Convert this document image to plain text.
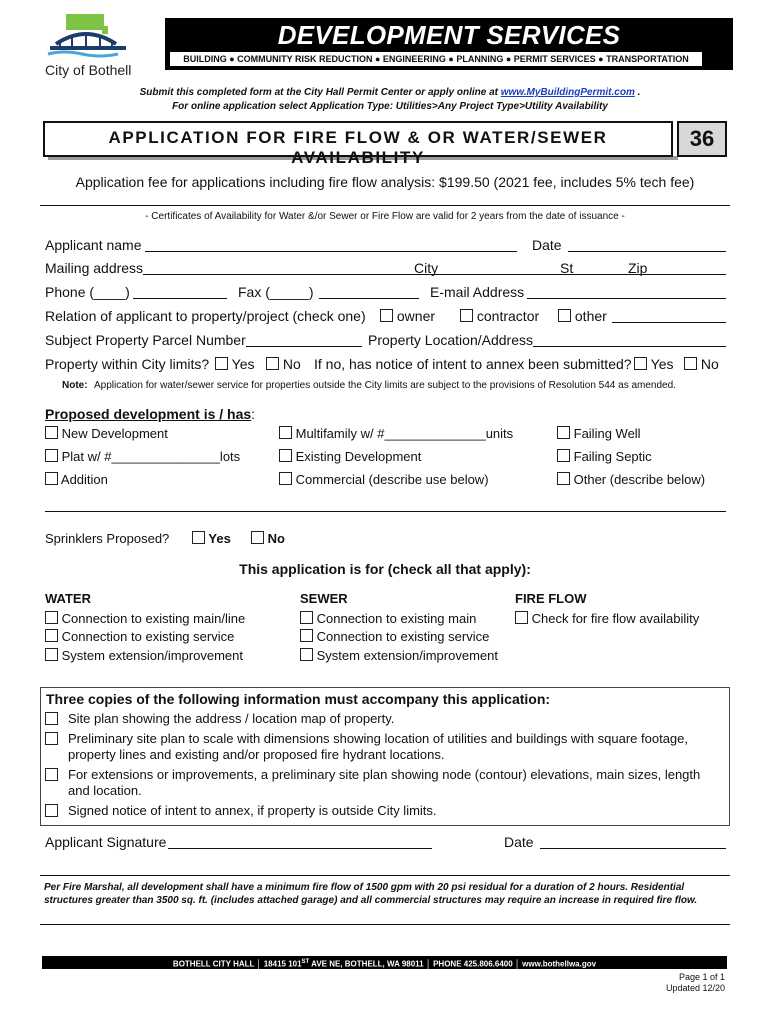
City of Bothell
DEVELOPMENT SERVICES
BUILDING ● COMMUNITY RISK REDUCTION ● ENGINEERING ● PLANNING ● PERMIT SERVICES ● TRANSPORTATION
Submit this completed form at the City Hall Permit Center or apply online at www.MyBuildingPermit.com .
For online application select Application Type: Utilities>Any Project Type>Utility Availability
APPLICATION FOR FIRE FLOW & OR WATER/SEWER AVAILABILITY
36
Application fee for applications including fire flow analysis: $199.50 (2021 fee, includes 5% tech fee)
- Certificates of Availability for Water &/or Sewer or Fire Flow are valid for 2 years from the date of issuance -
Applicant name	Date
Mailing address	City	St	Zip
Phone (____)	Fax (_____)	E-mail Address
Relation of applicant to property/project (check one)	owner	contractor	other
Subject Property Parcel Number	Property Location/Address
Property within City limits?	Yes	No If no, has notice of intent to annex been submitted?	Yes	No
Note: Application for water/sewer service for properties outside the City limits are subject to the provisions of Resolution 544 as amended.
Proposed development is / has:
New Development	Multifamily w/ #______________units	Failing Well
Plat w/ #_______________lots	Existing Development	Failing Septic
Addition	Commercial (describe use below)	Other (describe below)
Sprinklers Proposed?	Yes	No
This application is for (check all that apply):
WATER
Connection to existing main/line
Connection to existing service
System extension/improvement
SEWER
Connection to existing main
Connection to existing service
System extension/improvement
FIRE FLOW
Check for fire flow availability
Three copies of the following information must accompany this application:
Site plan showing the address / location map of property.
Preliminary site plan to scale with dimensions showing location of utilities and buildings with square footage, property lines and existing and/or proposed fire hydrant locations.
For extensions or improvements, a preliminary site plan showing node (contour) elevations, main sizes, length and location.
Signed notice of intent to annex, if property is outside City limits.
Applicant Signature	Date
Per Fire Marshal, all development shall have a minimum fire flow of 1500 gpm with 20 psi residual for a duration of 2 hours. Residential structures greater than 3500 sq. ft. (includes attached garage) and all commercial structures may require an increase in required fire flow.
BOTHELL CITY HALL │ 18415 101ST AVE NE, BOTHELL, WA 98011 │ PHONE 425.806.6400 │ www.bothellwa.gov
Page 1 of 1
Updated 12/20
